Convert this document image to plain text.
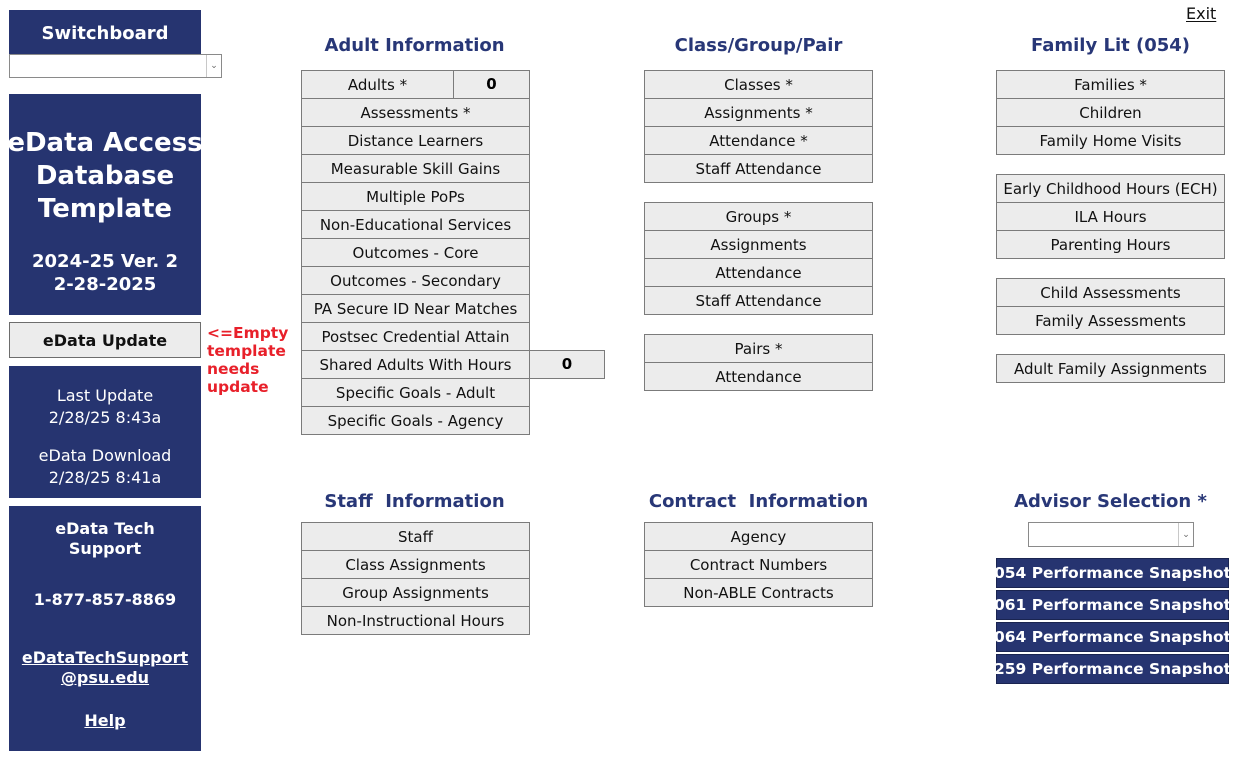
Exit
Switchboard
⌄
eData Access
Database
Template
2024-25 Ver. 2
2-28-2025
eData Update	<=Empty
template
needs
update
Last Update
2/28/25 8:43a
eData Download
2/28/25 8:41a
eData Tech
Support
1-877-857-8869
eDataTechSupport
@psu.edu
Help
Adult Information
Adults *	0
Assessments *
Distance Learners
Measurable Skill Gains
Multiple PoPs
Non-Educational Services
Outcomes - Core
Outcomes - Secondary
PA Secure ID Near Matches
Postsec Credential Attain
Shared Adults With Hours	0
Specific Goals - Adult
Specific Goals - Agency
Class/Group/Pair
Classes *
Assignments *
Attendance *
Staff Attendance
Groups *
Assignments
Attendance
Staff Attendance
Pairs *
Attendance
Family Lit (054)
Families *
Children
Family Home Visits
Early Childhood Hours (ECH)
ILA Hours
Parenting Hours
Child Assessments
Family Assessments
Adult Family Assignments
Staff  Information
Staff
Class Assignments
Group Assignments
Non-Instructional Hours
Contract  Information
Agency
Contract Numbers
Non-ABLE Contracts
Advisor Selection *
⌄
054 Performance Snapshot
061 Performance Snapshot
064 Performance Snapshot
259 Performance Snapshot
